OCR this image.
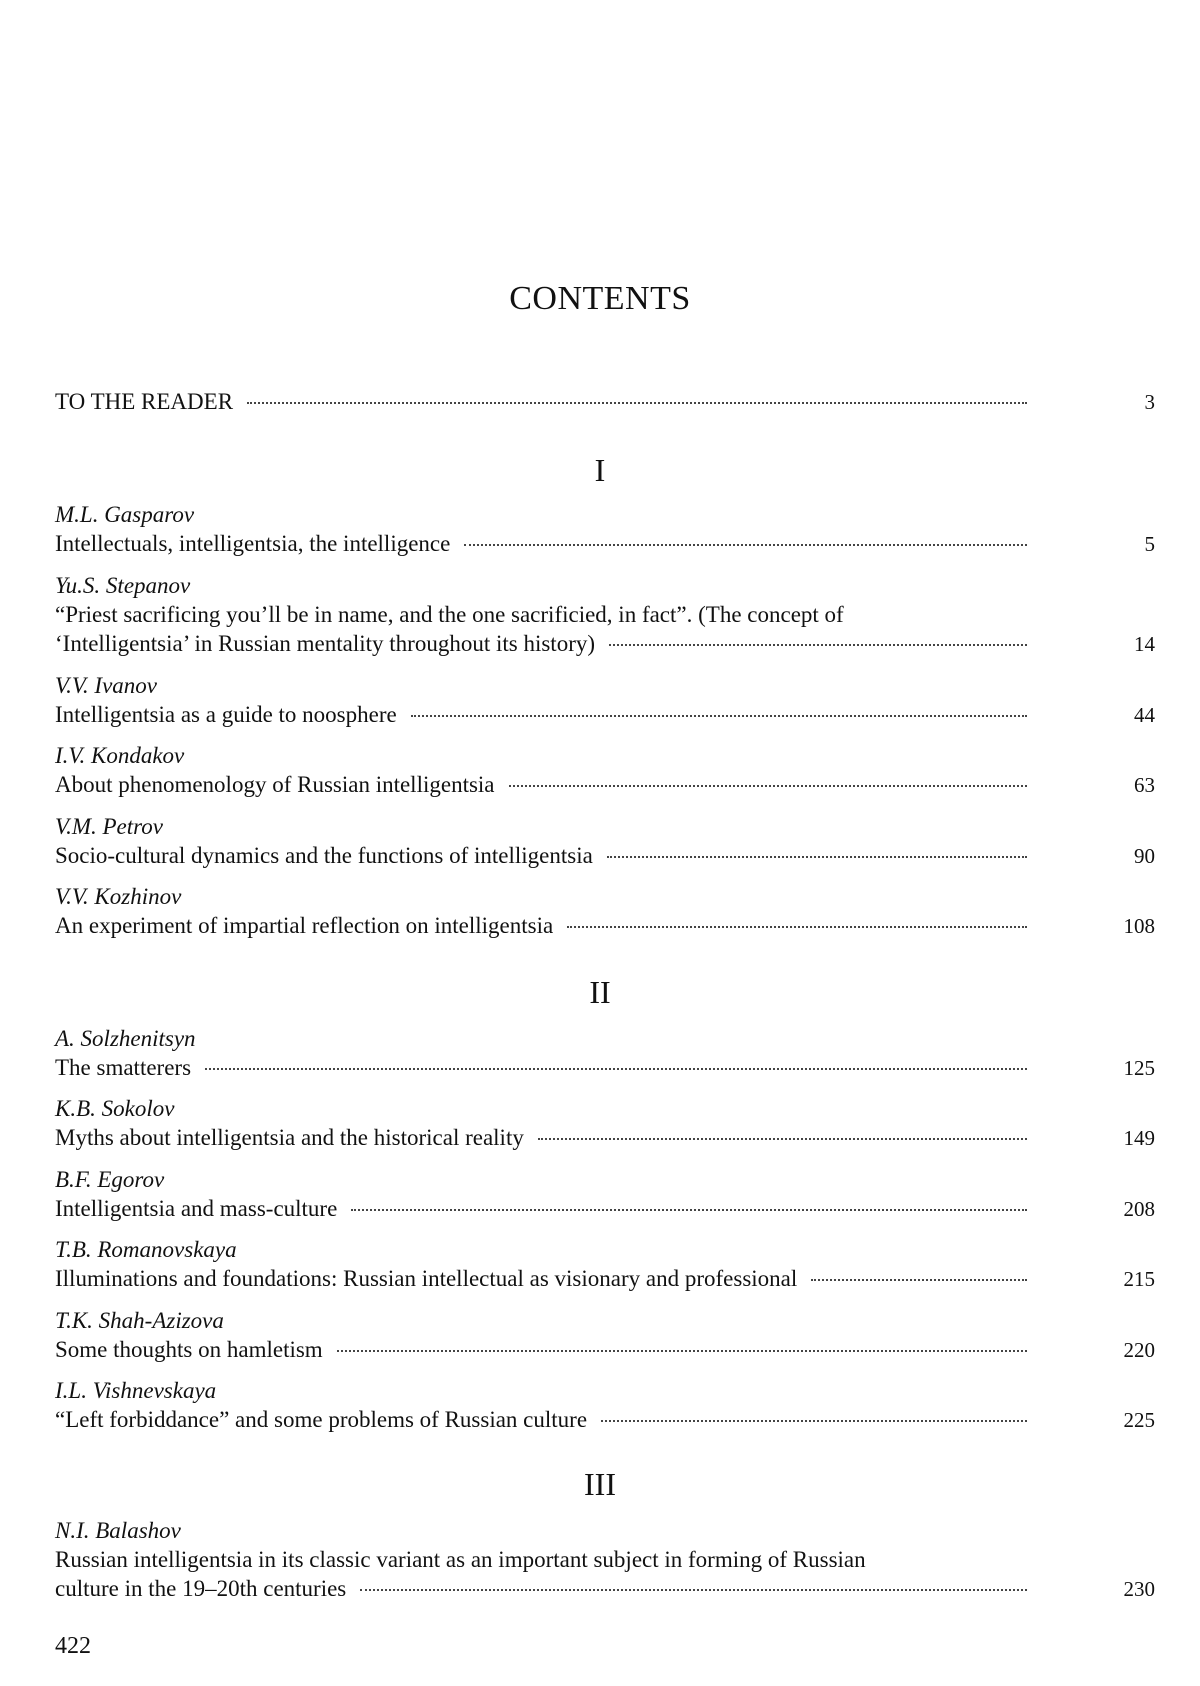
CONTENTS
TO THE READER	3
I
M.L. Gasparov
Intellectuals, intelligentsia, the intelligence	5
Yu.S. Stepanov
“Priest sacrificing you’ll be in name, and the one sacrificied, in fact”. (The concept of
‘Intelligentsia’ in Russian mentality throughout its history)	14
V.V. Ivanov
Intelligentsia as a guide to noosphere	44
I.V. Kondakov
About phenomenology of Russian intelligentsia	63
V.M. Petrov
Socio-cultural dynamics and the functions of intelligentsia	90
V.V. Kozhinov
An experiment of impartial reflection on intelligentsia	108
II
A. Solzhenitsyn
The smatterers	125
K.B. Sokolov
Myths about intelligentsia and the historical reality	149
B.F. Egorov
Intelligentsia and mass-culture	208
T.B. Romanovskaya
Illuminations and foundations: Russian intellectual as visionary and professional	215
T.K. Shah-Azizova
Some thoughts on hamletism	220
I.L. Vishnevskaya
“Left forbiddance” and some problems of Russian culture	225
III
N.I. Balashov
Russian intelligentsia in its classic variant as an important subject in forming of Russian
culture in the 19–20th centuries	230
422
